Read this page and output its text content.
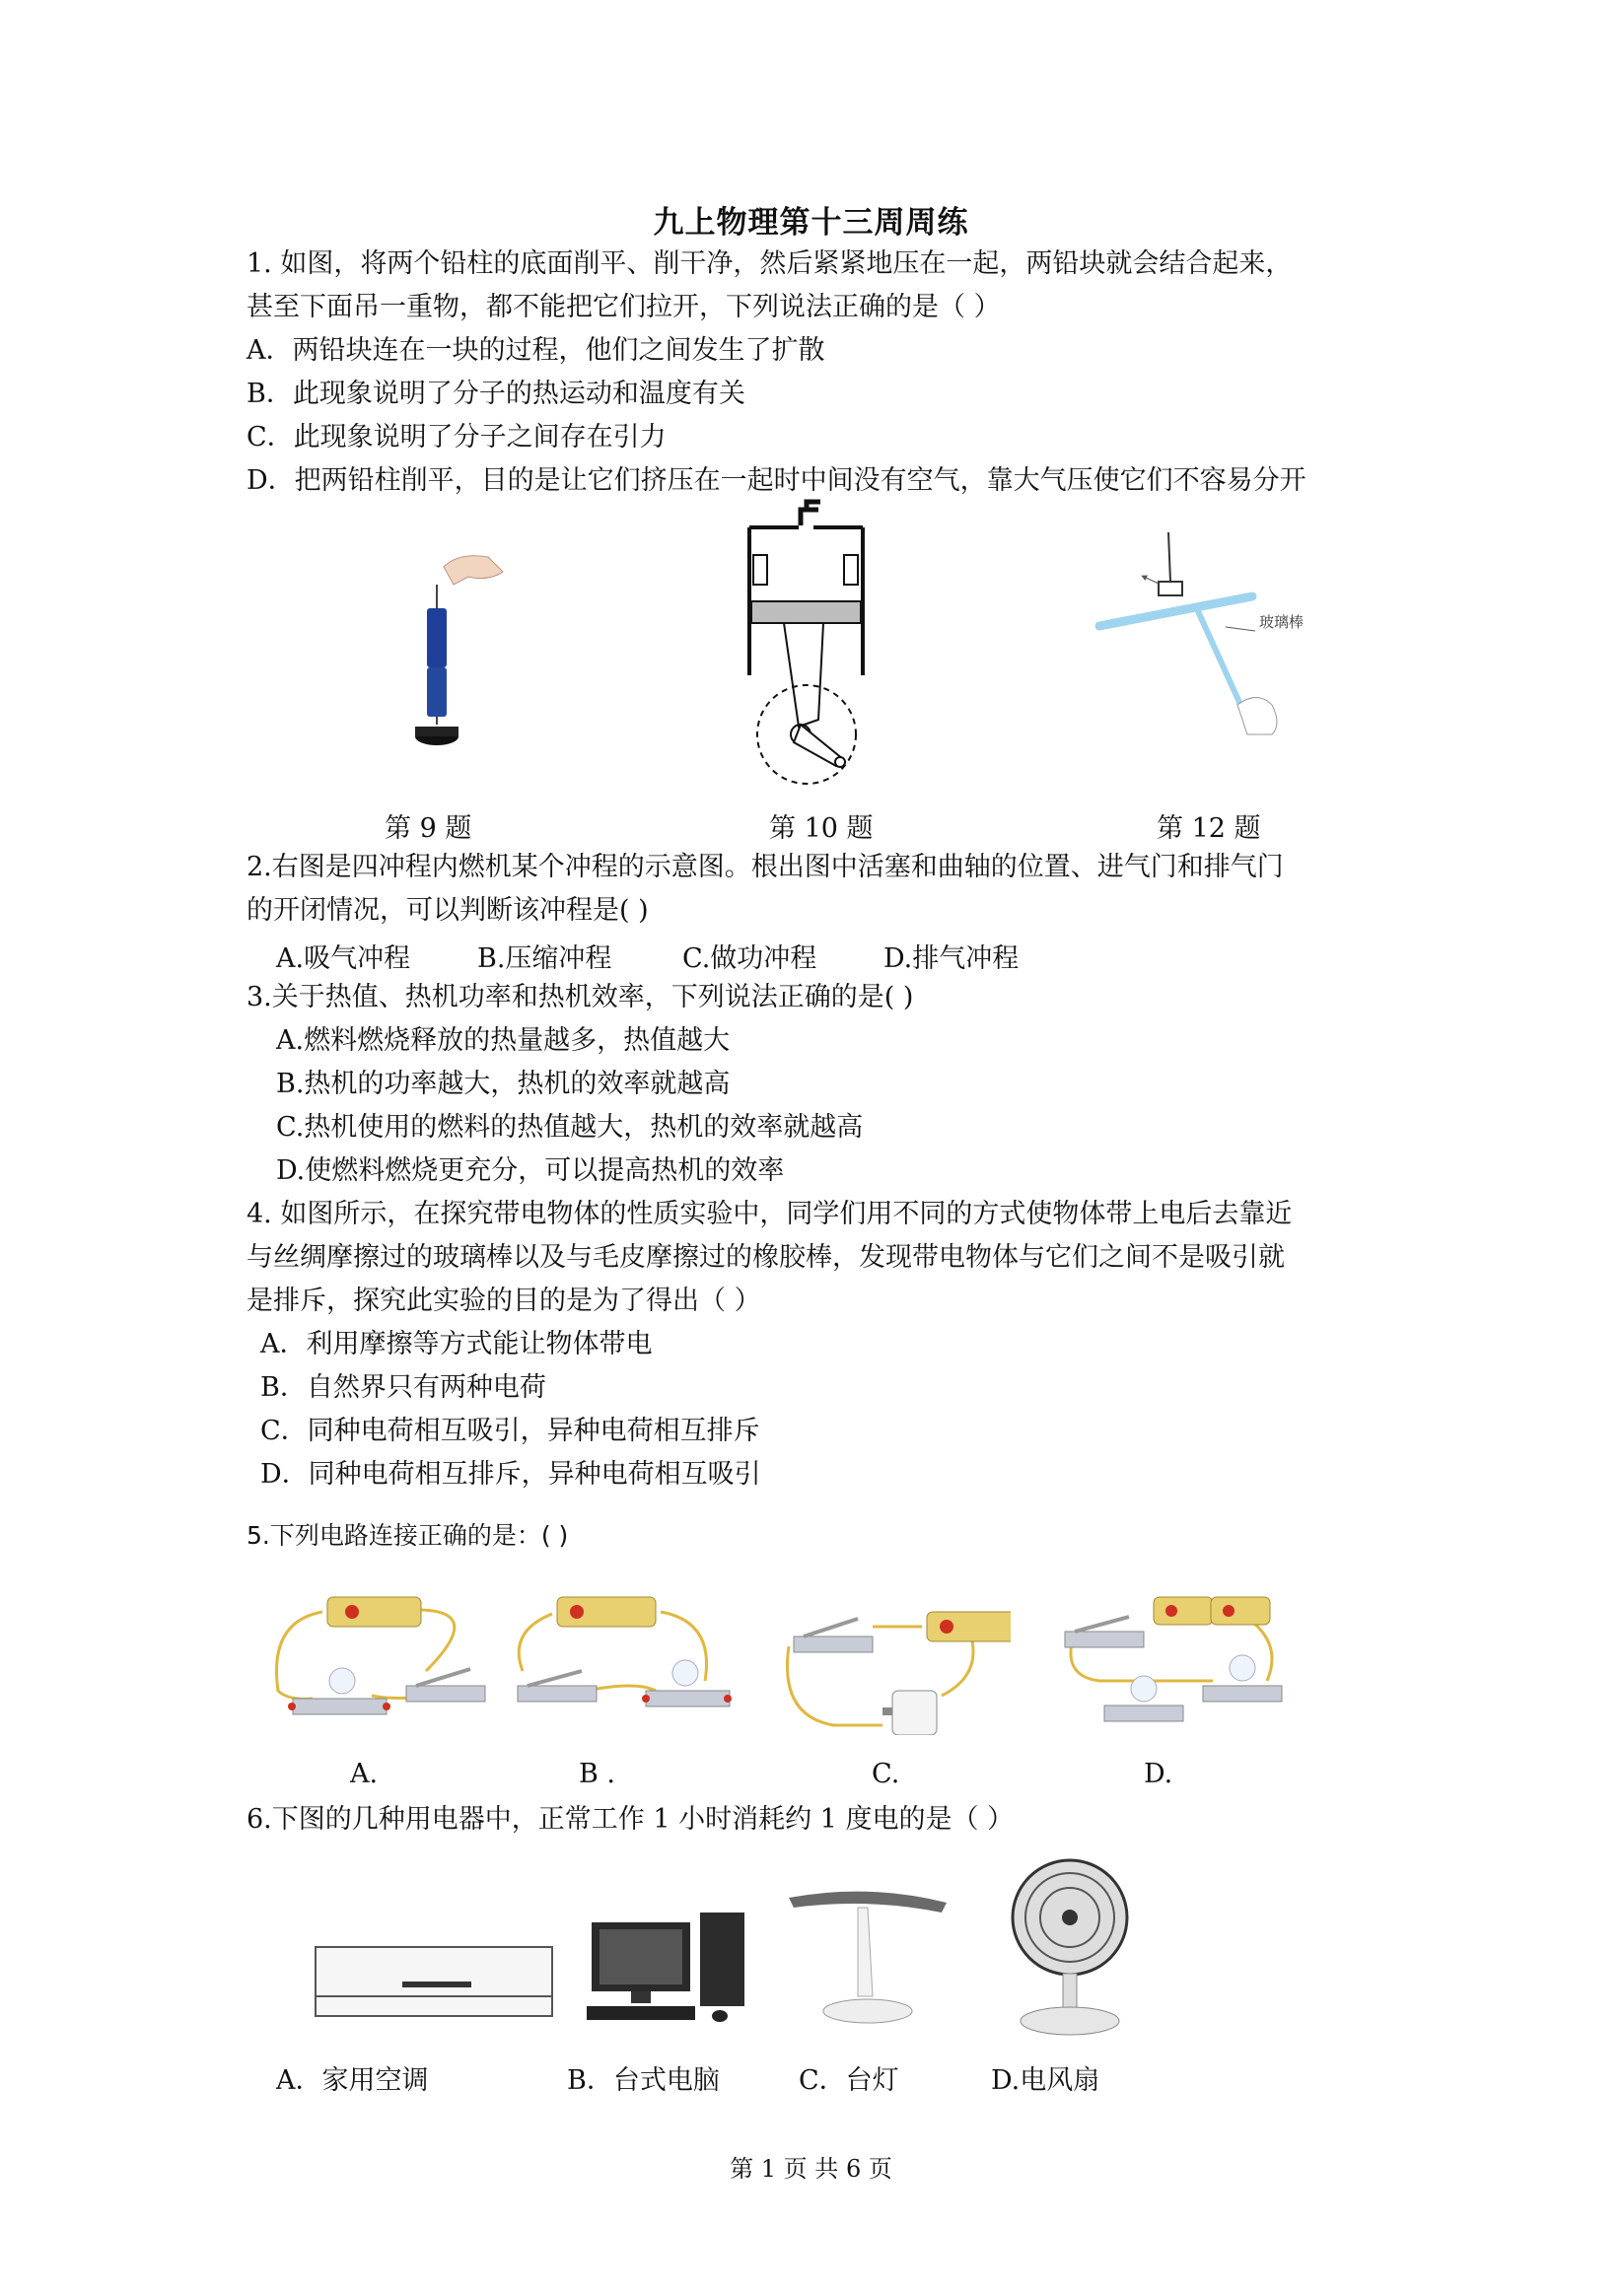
九上物理第十三周周练
1. 如图，将两个铅柱的底面削平、削干净，然后紧紧地压在一起，两铅块就会结合起来，
甚至下面吊一重物，都不能把它们拉开，下列说法正确的是（ ）
A．两铅块连在一块的过程，他们之间发生了扩散
B．此现象说明了分子的热运动和温度有关
C．此现象说明了分子之间存在引力
D．把两铅柱削平，目的是让它们挤压在一起时中间没有空气，靠大气压使它们不容易分开
玻璃棒
第 9 题	第 10 题	第 12 题
2.右图是四冲程内燃机某个冲程的示意图。根出图中活塞和曲轴的位置、进气门和排气门
的开闭情况，可以判断该冲程是( )
A.吸气冲程	B.压缩冲程	C.做功冲程	D.排气冲程
3.关于热值、热机功率和热机效率，下列说法正确的是( )
A.燃料燃烧释放的热量越多，热值越大
B.热机的功率越大，热机的效率就越高
C.热机使用的燃料的热值越大，热机的效率就越高
D.使燃料燃烧更充分，可以提高热机的效率
4. 如图所示，在探究带电物体的性质实验中，同学们用不同的方式使物体带上电后去靠近
与丝绸摩擦过的玻璃棒以及与毛皮摩擦过的橡胶棒，发现带电物体与它们之间不是吸引就
是排斥，探究此实验的目的是为了得出（ ）
A．利用摩擦等方式能让物体带电
B．自然界只有两种电荷
C．同种电荷相互吸引，异种电荷相互排斥
D．同种电荷相互排斥，异种电荷相互吸引
5.下列电路连接正确的是：( )
A.	B .	C.	D.
6.下图的几种用电器中，正常工作 1 小时消耗约 1 度电的是（ ）
A．家用空调	B．台式电脑	C．台灯	D.电风扇
第 1 页 共 6 页
